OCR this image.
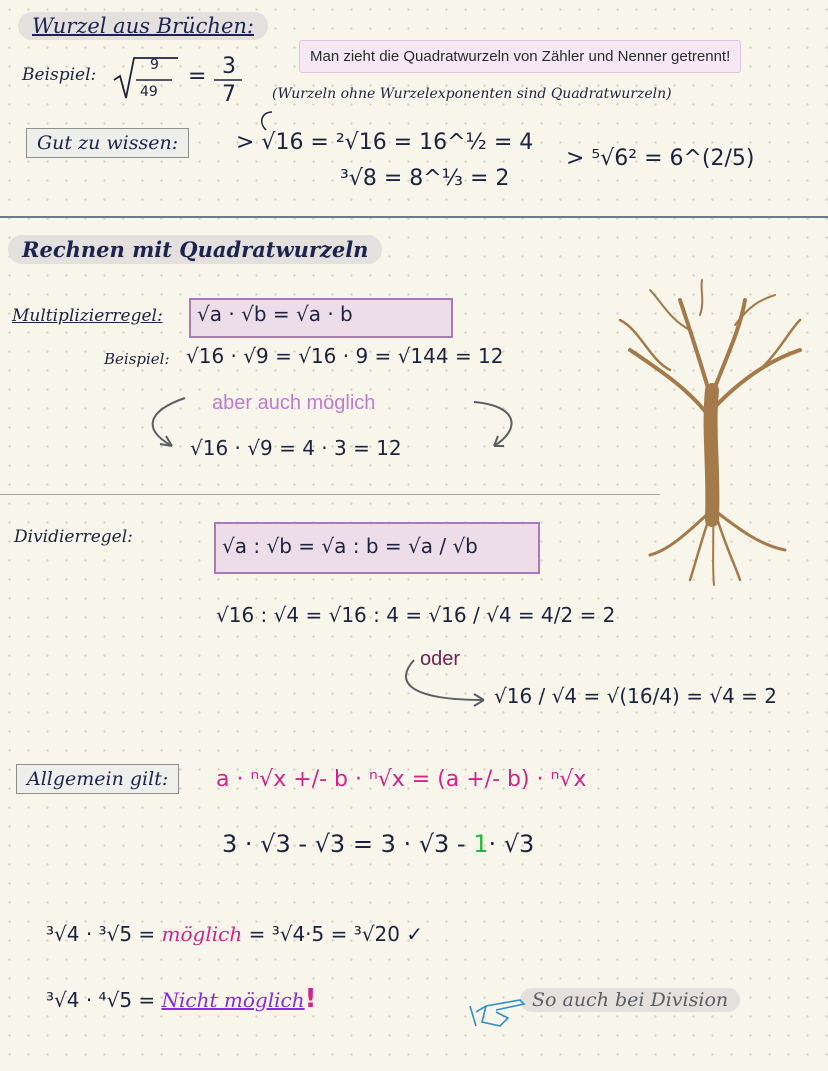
Wurzel aus Brüchen:
Man zieht die Quadratwurzeln von Zähler und Nenner getrennt!
Beispiel:	9
49
= 3
7	(Wurzeln ohne Wurzelexponenten sind Quadratwurzeln)
Gut zu wissen:	> √16 = ²√16 = 16^½ = 4
³√8 = 8^⅓ = 2
> ⁵√6² = 6^(2/5)
Rechnen mit Quadratwurzeln
Multiplizierregel:	√a · √b = √a · b
Beispiel: √16 · √9 = √16 · 9 = √144 = 12
aber auch möglich
√16 · √9 = 4 · 3 = 12
Dividierregel:	√a : √b = √a : b = √a / √b
√16 : √4 = √16 : 4 = √16 / √4 = 4/2 = 2
oder
√16 / √4 = √(16/4) = √4 = 2
Allgemein gilt:	a · ⁿ√x +/- b · ⁿ√x = (a +/- b) · ⁿ√x
3 · √3 - √3 = 3 · √3 - 1· √3
³√4 · ³√5 = möglich = ³√4·5 = ³√20 ✓
³√4 · ⁴√5 = Nicht möglich!	So auch bei Division
